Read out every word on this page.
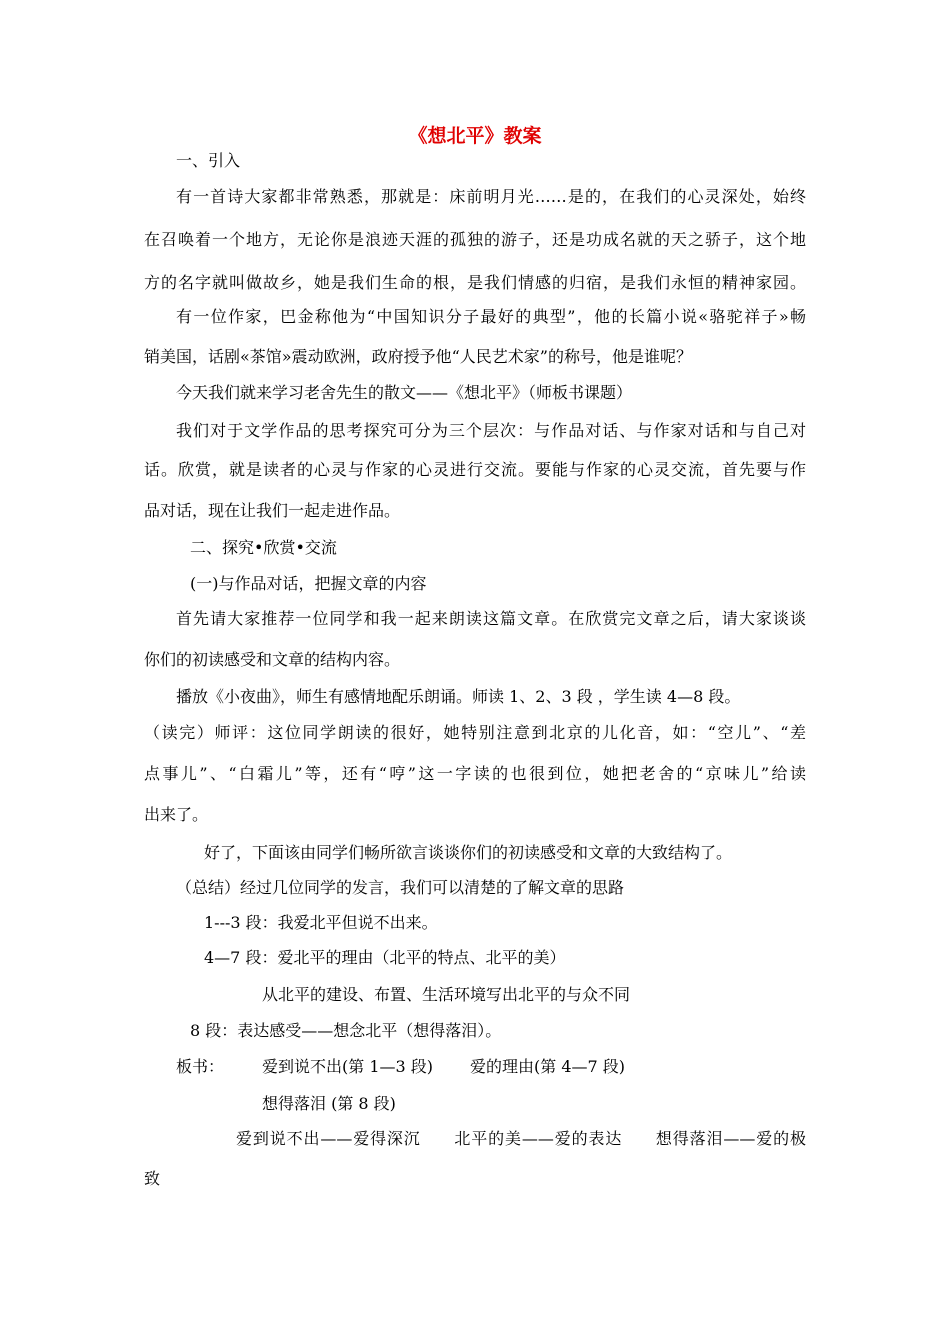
《想北平》教案
一、引入
有一首诗大家都非常熟悉，那就是：床前明月光……是的，在我们的心灵深处，始终
在召唤着一个地方，无论你是浪迹天涯的孤独的游子，还是功成名就的天之骄子，这个地
方的名字就叫做故乡，她是我们生命的根，是我们情感的归宿，是我们永恒的精神家园。
有一位作家，巴金称他为“中国知识分子最好的典型”，他的长篇小说«骆驼祥子»畅
销美国，话剧«茶馆»震动欧洲，政府授予他“人民艺术家”的称号，他是谁呢？
今天我们就来学习老舍先生的散文——《想北平》（师板书课题）
我们对于文学作品的思考探究可分为三个层次：与作品对话、与作家对话和与自己对
话。欣赏，就是读者的心灵与作家的心灵进行交流。要能与作家的心灵交流，首先要与作
品对话，现在让我们一起走进作品。
二、探究•欣赏•交流
(一)与作品对话，把握文章的内容
首先请大家推荐一位同学和我一起来朗读这篇文章。在欣赏完文章之后，请大家谈谈
你们的初读感受和文章的结构内容。
播放《小夜曲》，师生有感情地配乐朗诵。师读 1、2、3 段 ，学生读 4—8 段。
（读完）师评：这位同学朗读的很好，她特别注意到北京的儿化音，如：“空儿”、“差
点事儿”、“白霜儿”等，还有“哼”这一字读的也很到位，她把老舍的“京味儿”给读
出来了。
好了，下面该由同学们畅所欲言谈谈你们的初读感受和文章的大致结构了。
（总结）经过几位同学的发言，我们可以清楚的了解文章的思路
1---3 段：我爱北平但说不出来。
4—7 段：爱北平的理由（北平的特点、北平的美）
从北平的建设、布置、生活环境写出北平的与众不同
8 段：表达感受——想念北平（想得落泪）。
板书： 爱到说不出(第 1—3 段) 爱的理由(第 4—7 段)
想得落泪 (第 8 段)
爱到说不出——爱得深沉　　北平的美——爱的表达　　想得落泪——爱的极
致
